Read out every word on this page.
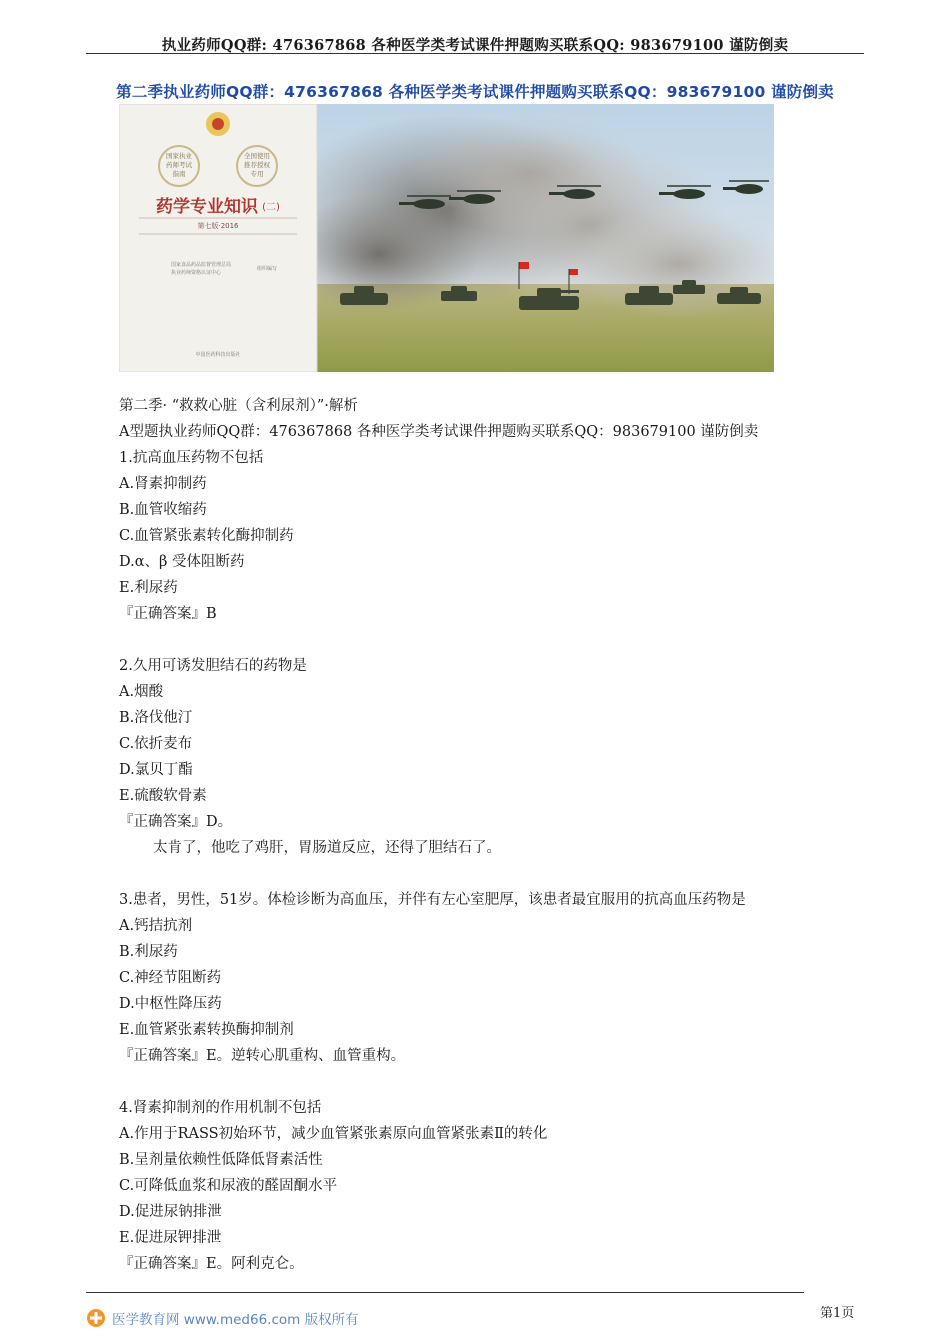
执业药师QQ群: 476367868 各种医学类考试课件押题购买联系QQ: 983679100 谨防倒卖
第二季执业药师QQ群：476367868 各种医学类考试课件押题购买联系QQ：983679100 谨防倒卖
国家执业
药师考试
指南
全国使用
推荐授权
专用
药学专业知识 (二)
第七版·2016
国家食品药品监督管理总局
执业药师资格认证中心
组织编写
中国医药科技出版社
第二季· “救救心脏（含利尿剂）”·解析
A型题执业药师QQ群：476367868 各种医学类考试课件押题购买联系QQ：983679100 谨防倒卖
1.抗高血压药物不包括
A.肾素抑制药
B.血管收缩药
C.血管紧张素转化酶抑制药
D.α、β 受体阻断药
E.利尿药
『正确答案』B
2.久用可诱发胆结石的药物是
A.烟酸
B.洛伐他汀
C.依折麦布
D.氯贝丁酯
E.硫酸软骨素
『正确答案』D。
太肯了，他吃了鸡肝，胃肠道反应，还得了胆结石了。
3.患者，男性，51岁。体检诊断为高血压，并伴有左心室肥厚，该患者最宜服用的抗高血压药物是
A.钙拮抗剂
B.利尿药
C.神经节阻断药
D.中枢性降压药
E.血管紧张素转换酶抑制剂
『正确答案』E。逆转心肌重构、血管重构。
4.肾素抑制剂的作用机制不包括
A.作用于RASS初始环节，减少血管紧张素原向血管紧张素Ⅱ的转化
B.呈剂量依赖性低降低肾素活性
C.可降低血浆和尿液的醛固酮水平
D.促进尿钠排泄
E.促进尿钾排泄
『正确答案』E。阿利克仑。
医学教育网 www.med66.com 版权所有	第1页
